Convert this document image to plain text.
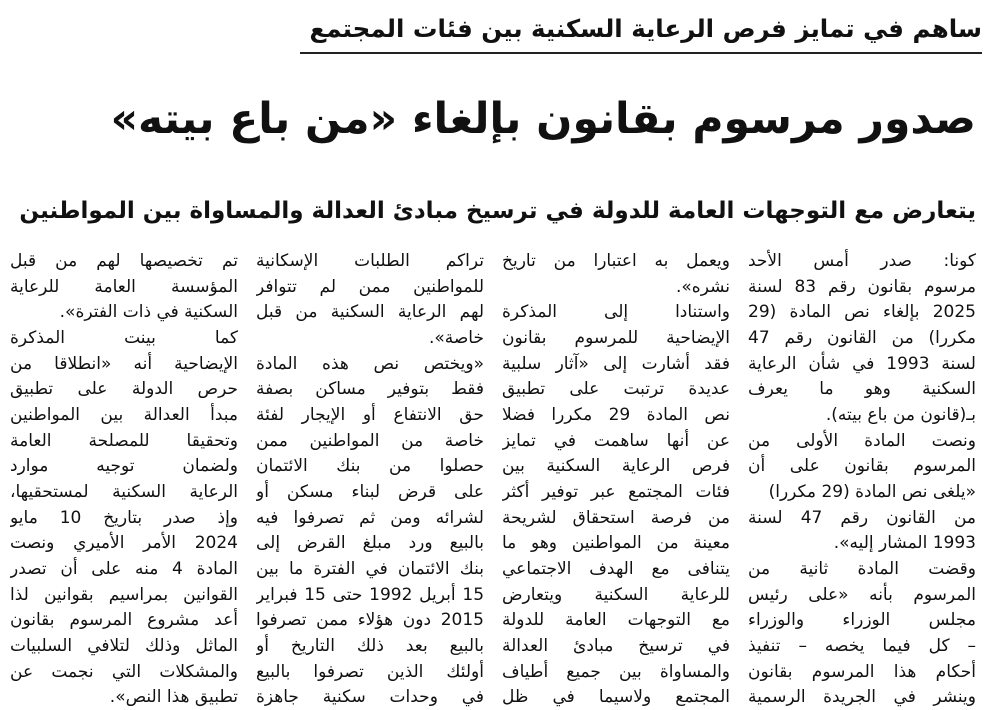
ساهم في تمايز فرص الرعاية السكنية بين فئات المجتمع
صدور مرسوم بقانون بإلغاء «من باع بيته»
يتعارض مع التوجهات العامة للدولة في ترسيخ مبادئ العدالة والمساواة بين المواطنين
كونا: صدر أمس الأحد
مرسوم بقانون رقم 83 لسنة
2025 بإلغاء نص المادة (29
مكررا) من القانون رقم 47
لسنة 1993 في شأن الرعاية
السكنية وهو ما يعرف
بـ(قانون من باع بيته).
ونصت المادة الأولى من
المرسوم بقانون على أن
«يلغى نص المادة (29 مكررا)
من القانون رقم 47 لسنة
1993 المشار إليه».
وقضت المادة ثانية من
المرسوم بأنه «على رئيس
مجلس الوزراء والوزراء
– كل فيما يخصه – تنفيذ
أحكام هذا المرسوم بقانون
وينشر في الجريدة الرسمية
ويعمل به اعتبارا من تاريخ
نشره».
واستنادا إلى المذكرة
الإيضاحية للمرسوم بقانون
فقد أشارت إلى «آثار سلبية
عديدة ترتبت على تطبيق
نص المادة 29 مكررا فضلا
عن أنها ساهمت في تمايز
فرص الرعاية السكنية بين
فئات المجتمع عبر توفير أكثر
من فرصة استحقاق لشريحة
معينة من المواطنين وهو ما
يتنافى مع الهدف الاجتماعي
للرعاية السكنية ويتعارض
مع التوجهات العامة للدولة
في ترسيخ مبادئ العدالة
والمساواة بين جميع أطياف
المجتمع ولاسيما في ظل
تراكم الطلبات الإسكانية
للمواطنين ممن لم تتوافر
لهم الرعاية السكنية من قبل
خاصة».
«ويختص نص هذه المادة
فقط بتوفير مساكن بصفة
حق الانتفاع أو الإيجار لفئة
خاصة من المواطنين ممن
حصلوا من بنك الائتمان
على قرض لبناء مسكن أو
لشرائه ومن ثم تصرفوا فيه
بالبيع ورد مبلغ القرض إلى
بنك الائتمان في الفترة ما بين
15 أبريل 1992 حتى 15 فبراير
2015 دون هؤلاء ممن تصرفوا
بالبيع بعد ذلك التاريخ أو
أولئك الذين تصرفوا بالبيع
في وحدات سكنية جاهزة
تم تخصيصها لهم من قبل
المؤسسة العامة للرعاية
السكنية في ذات الفترة».
كما بينت المذكرة
الإيضاحية أنه «انطلاقا من
حرص الدولة على تطبيق
مبدأ العدالة بين المواطنين
وتحقيقا للمصلحة العامة
ولضمان توجيه موارد
الرعاية السكنية لمستحقيها،
وإذ صدر بتاريخ 10 مايو
2024 الأمر الأميري ونصت
المادة 4 منه على أن تصدر
القوانين بمراسيم بقوانين لذا
أعد مشروع المرسوم بقانون
الماثل وذلك لتلافي السلبيات
والمشكلات التي نجمت عن
تطبيق هذا النص».
